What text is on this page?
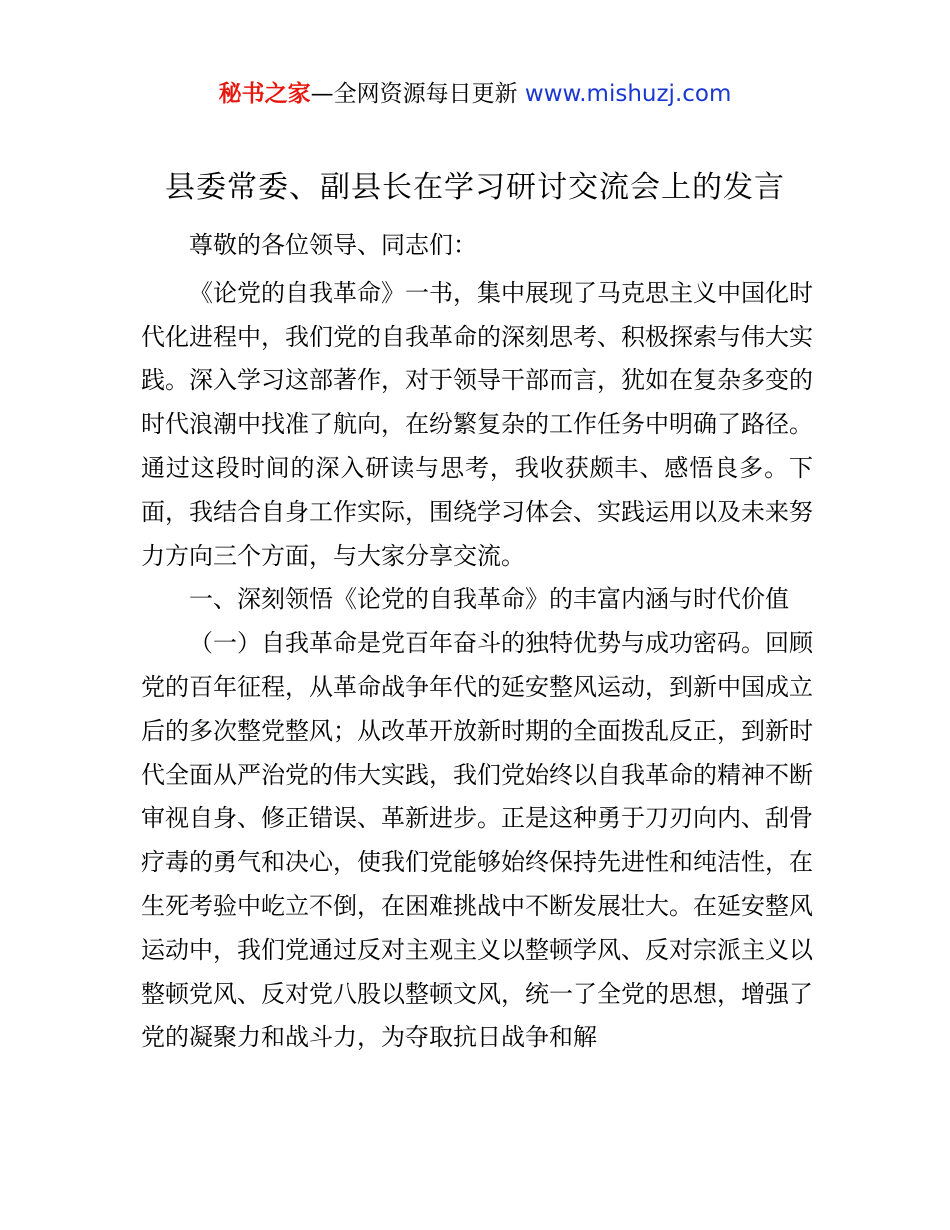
秘书之家—全网资源每日更新 www.mishuzj.com
县委常委、副县长在学习研讨交流会上的发言

尊敬的各位领导、同志们：

《论党的自我革命》一书，集中展现了马克思主义中国化时代化进程中，我们党的自我革命的深刻思考、积极探索与伟大实践。深入学习这部著作，对于领导干部而言，犹如在复杂多变的时代浪潮中找准了航向，在纷繁复杂的工作任务中明确了路径。通过这段时间的深入研读与思考，我收获颇丰、感悟良多。下面，我结合自身工作实际，围绕学习体会、实践运用以及未来努力方向三个方面，与大家分享交流。

一、深刻领悟《论党的自我革命》的丰富内涵与时代价值

（一）自我革命是党百年奋斗的独特优势与成功密码。回顾党的百年征程，从革命战争年代的延安整风运动，到新中国成立后的多次整党整风；从改革开放新时期的全面拨乱反正，到新时代全面从严治党的伟大实践，我们党始终以自我革命的精神不断审视自身、修正错误、革新进步。正是这种勇于刀刃向内、刮骨疗毒的勇气和决心，使我们党能够始终保持先进性和纯洁性，在生死考验中屹立不倒，在困难挑战中不断发展壮大。在延安整风运动中，我们党通过反对主观主义以整顿学风、反对宗派主义以整顿党风、反对党八股以整顿文风，统一了全党的思想，增强了党的凝聚力和战斗力，为夺取抗日战争和解
